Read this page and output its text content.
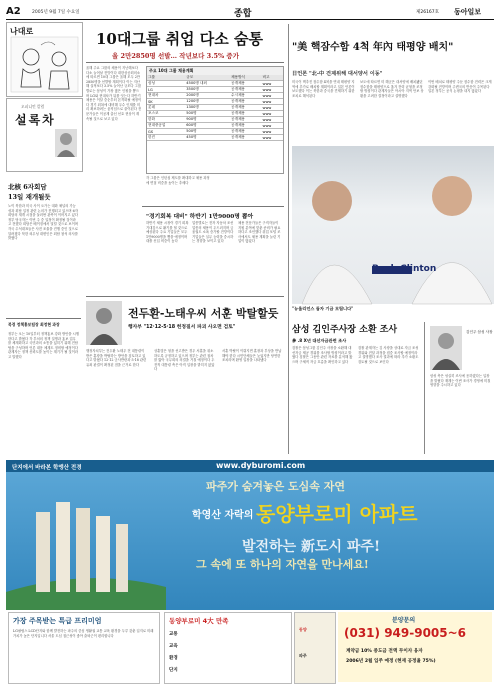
A2	2005년 9월 7일 수요일	종합	제26167호 동아일보
나대로
오피니언 칼럼
설록차
北核 6자회담
13일 재개될듯
노이 북한과 미국 사이 오가는 대화 채널의 가능성과 회담 일정 관련 논의가 진행되고 있으며 6자회담의 재개 시점을 둘러싼 관측이 이어지고 있다 정부 당국자는 이번 주 중 일정이 확정될 것이라고 전했다 회담은 베이징에서 열릴 것으로 보이며 각국 수석대표들은 사전 조율을 진행 중인 것으로 알려졌다 북한 외무성 대변인은 회담 참석 의사를 밝혔다
북경 정책홍보팀장 최정현 과장
정부는 오는 10일부터 정책홍보 강화 방안을 시행한다고 밝혔다 각 부처의 정책 설명과 홍보 업무를 체계화하고 국민과의 소통을 넓히기 위해 전담팀을 구성하며 언론 대응 체계도 정비할 예정이다 관계자는 정책 신뢰도를 높이는 계기가 될 것이라고 말했다
10대그룹 취업 다소 숨통
올 2만2850명 선발… 작년보다 3.5% 증가
올해 주요 그룹의 채용이 지난해보다 다소 늘어날 전망이다 대한상공회의소에 따르면 10대 그룹은 올해 모두 2만2850명을 선발할 계획이다 이는 지난해 실적보다 3.5% 늘어난 규모다 그룹별로는 삼성이 가장 많은 인원을 뽑으며 LG와 현대차가 뒤를 잇는다 하반기 채용은 이달 중순부터 본격화될 예정이다 경기 회복에 대비해 우수 인재를 미리 확보하려는 움직임으로 풀이된다 전문가들은 이공계 출신 선호 현상이 계속될 것으로 보고 있다
주요 10대 그룹 채용계획
그룹	규모	채용방식	비고
삼성	4500명 내외	공개채용	www
LG	3500명	공개채용	www
현대차	2000명	수시채용	www
SK	1200명	공개채용	www
롯데	1300명	공개채용	www
포스코	500명	공개채용	www
한화	900명	공개채용	www
현대중공업	600명	공개채용	www
GS	500명	공개채용	www
한진	450명	공개채용	www
각 그룹은 인턴십 제도를 확대하고 채용 과정에 면접 비중을 높이는 추세다
"경기회복 대비" 하반기 1만9000명 뽑아
하반기 채용 시장이 경기 회복 기대감으로 활기를 띨 것으로 예상된다 주요 기업들은 모두 1만9000명을 뽑을 예정이며 대졸 신입 비중이 높다
업종별로는 전자 자동차 조선 업종의 채용이 두드러지며 금융권도 소폭 증가할 전망이다 기업들은 실무 능력을 중시하는 경향을 보이고 있다
채용 전문가들은 구직자들이 지원 분야에 맞춘 준비가 필요하다고 조언했다 취업 포털 조사에서도 채용 계획을 늘린 기업이 많았다
"美 핵잠수함 4척 年內 태평양 배치"
日언론 "北-中 견제위해 대서양서 이동"
미국이 핵추진 잠수함 4척을 연내 태평양 지역에 추가로 배치할 계획이라고 일본 언론이 보도했다 이는 북한과 중국을 견제하기 위한 조치로 해석된다
보도에 따르면 미 해군은 대서양에 배치됐던 잠수함을 태평양으로 옮겨 전력 균형을 조정할 방침이다 관계자들은 아시아 지역 안보 상황을 고려한 결정이라고 설명했다
이번 배치로 태평양 주둔 잠수함 전력은 크게 강화될 전망이며 주변국의 반응이 주목된다 일본 정부는 공식 논평을 내지 않았다
Bush Clinton
"뉴올리언스 돕자 기금 모립니다"
삼성 김인주사장 소환 조사
參 .8 X년 대선자금관련 조사
검찰은 삼성그룹 김인주 사장을 소환해 대선자금 제공 경위를 조사할 방침이라고 밝혔다 검찰은 그동안 관련 자료를 분석해 왔으며 구체적 자금 흐름을 확인하고 있다
검찰 관계자는 김 사장을 상대로 자금 조성 경위와 전달 과정을 집중 조사할 예정이라고 설명했다 조사 결과에 따라 추가 소환도 검토될 것으로 보인다
김인주 삼성 사장
삼성 측은 성실히 조사에 응하겠다는 입장을 밝혔다 재계는 이번 조사가 경영에 미칠 영향을 주시하고 있다
전두환-노태우씨 서훈 박탈할듯
행자부 "12·12-5·18 헌정질서 파괴 사오면 검토"
행정자치부는 전두환 노태우 전 대통령이 받은 훈장을 박탈하는 방안을 검토하고 있다고 밝혔다 12·12 군사반란과 5·18 관련 유죄 판결이 확정된 점을 근거로 한다
상훈법은 형을 선고받은 경우 서훈을 취소하도록 규정하고 있으며 정부는 관련 절차를 밟아 국무회의 의결을 거칠 예정이다 두 전직 대통령 측은 아직 입장을 밝히지 않았다
서훈 박탈이 이뤄지면 훈장과 부상을 반납해야 한다 시민단체들은 늦었지만 당연한 조치라며 환영 입장을 나타냈다
단지에서 바라본 학앵산 전경	www.dyburomi.com
파주가 숨겨놓은 도심속 자연
학영산 자락의 동양부로미 아파트
발전하는 新도시 파주!
그 속에 또 하나의 자연을 만나세요!
가장 주목받는 특급 프리미엄
LG필립스 LCD단지와 함께 발전하는 파주의 중심 생활권 교통 교육 환경을 두루 갖춘 입지로 미래 가치가 높은 단지입니다 서울 도심 접근성이 좋아 출퇴근이 편리합니다
동양부로미 4大 만족
교통
교육
환경
단지
동양
파주
분양문의
(031) 949-9005~6
계약금 10% 중도금 전액 무이자 융자
2006년 2월 입주 예정 (현재 공정율 75%)
